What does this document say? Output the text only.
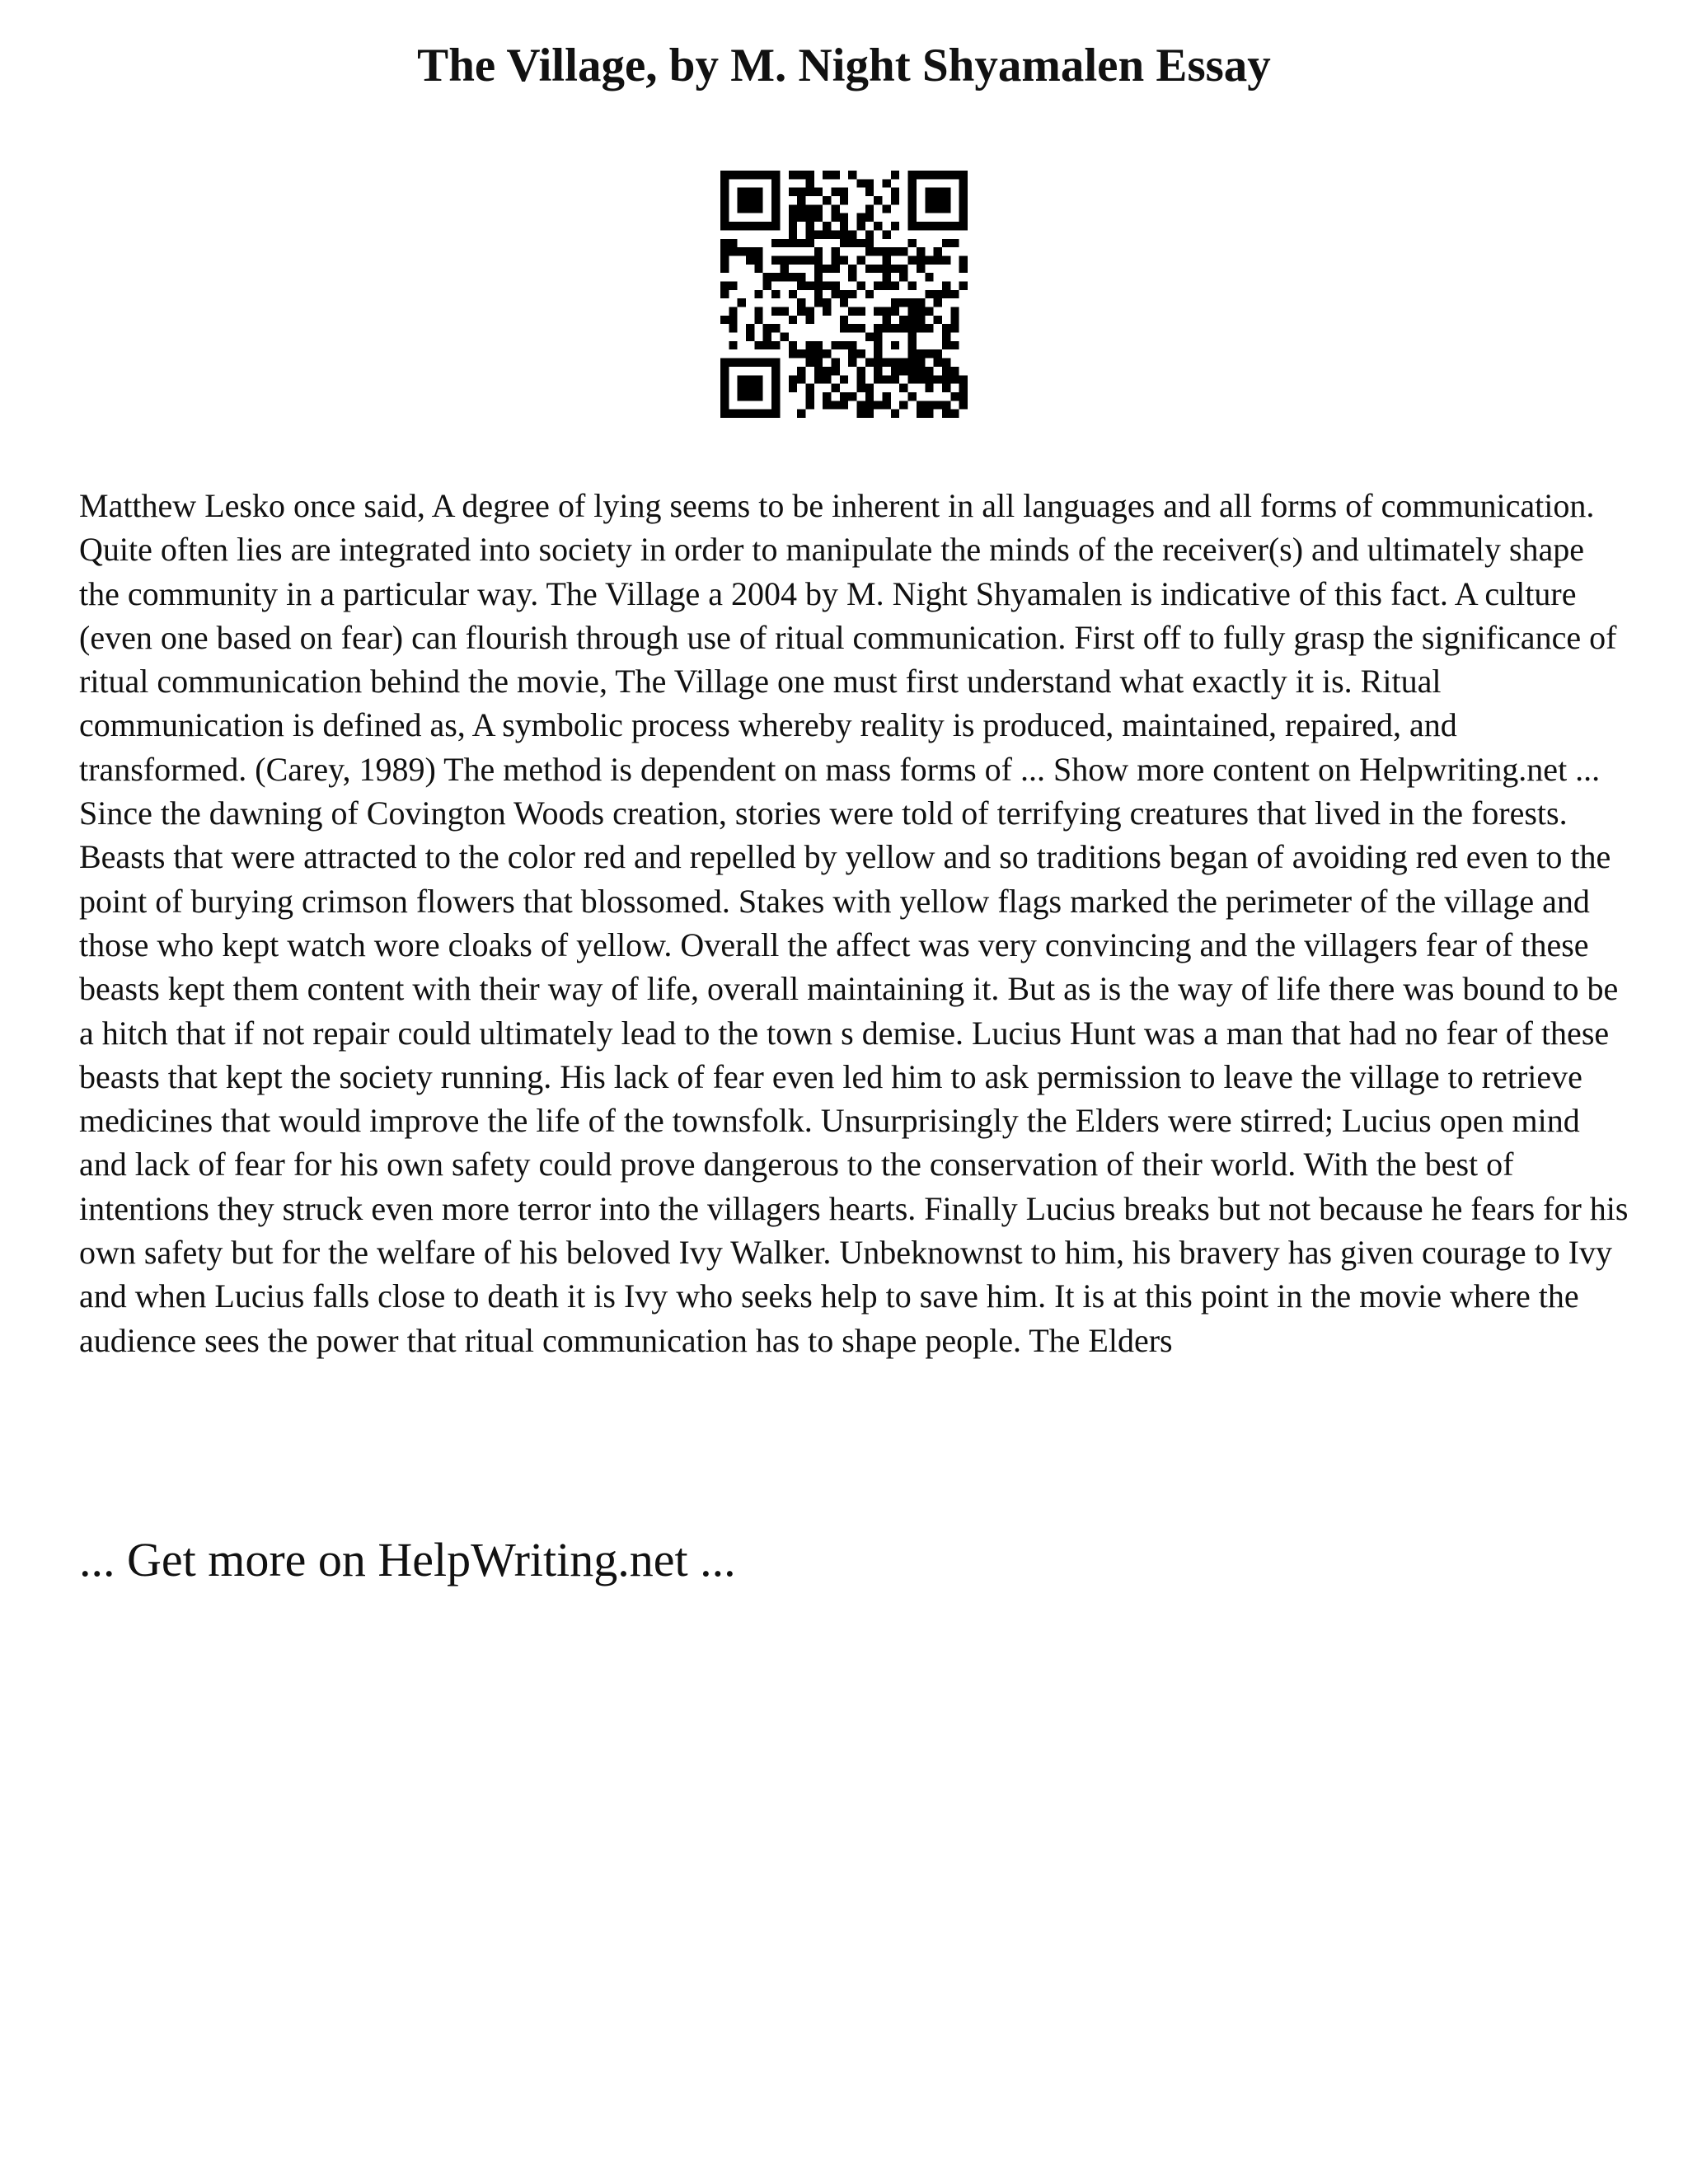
The Village, by M. Night Shyamalen Essay

Matthew Lesko once said, A degree of lying seems to be inherent in all languages and all forms of communication. Quite often lies are integrated into society in order to manipulate the minds of the receiver(s) and ultimately shape the community in a particular way. The Village a 2004 by M. Night Shyamalen is indicative of this fact. A culture (even one based on fear) can flourish through use of ritual communication. First off to fully grasp the significance of ritual communication behind the movie, The Village one must first understand what exactly it is. Ritual communication is defined as, A symbolic process whereby reality is produced, maintained, repaired, and transformed. (Carey, 1989) The method is dependent on mass forms of ... Show more content on Helpwriting.net ...

Since the dawning of Covington Woods creation, stories were told of terrifying creatures that lived in the forests. Beasts that were attracted to the color red and repelled by yellow and so traditions began of avoiding red even to the point of burying crimson flowers that blossomed. Stakes with yellow flags marked the perimeter of the village and those who kept watch wore cloaks of yellow. Overall the affect was very convincing and the villagers fear of these beasts kept them content with their way of life, overall maintaining it. But as is the way of life there was bound to be a hitch that if not repair could ultimately lead to the town s demise. Lucius Hunt was a man that had no fear of these beasts that kept the society running. His lack of fear even led him to ask permission to leave the village to retrieve medicines that would improve the life of the townsfolk. Unsurprisingly the Elders were stirred; Lucius open mind and lack of fear for his own safety could prove dangerous to the conservation of their world. With the best of intentions they struck even more terror into the villagers hearts. Finally Lucius breaks but not because he fears for his own safety but for the welfare of his beloved Ivy Walker. Unbeknownst to him, his bravery has given courage to Ivy and when Lucius falls close to death it is Ivy who seeks help to save him. It is at this point in the movie where the audience sees the power that ritual communication has to shape people. The Elders

... Get more on HelpWriting.net ...
